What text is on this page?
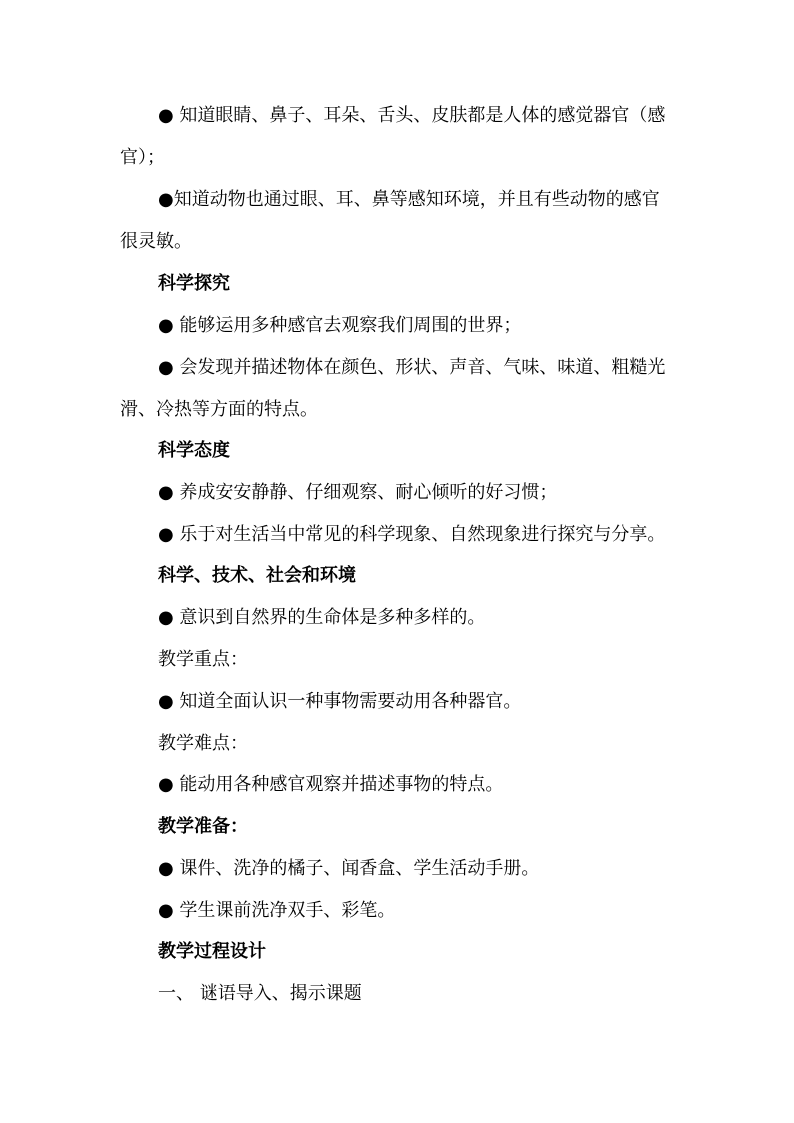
● 知道眼睛、鼻子、耳朵、舌头、皮肤都是人体的感觉器官（感
官）；
●知道动物也通过眼、耳、鼻等感知环境，并且有些动物的感官
很灵敏。
科学探究
● 能够运用多种感官去观察我们周围的世界；
● 会发现并描述物体在颜色、形状、声音、气味、味道、粗糙光
滑、冷热等方面的特点。
科学态度
● 养成安安静静、仔细观察、耐心倾听的好习惯；
● 乐于对生活当中常见的科学现象、自然现象进行探究与分享。
科学、技术、社会和环境
● 意识到自然界的生命体是多种多样的。
教学重点：
● 知道全面认识一种事物需要动用各种器官。
教学难点：
● 能动用各种感官观察并描述事物的特点。
教学准备：
● 课件、洗净的橘子、闻香盒、学生活动手册。
● 学生课前洗净双手、彩笔。
教学过程设计
一、 谜语导入、揭示课题
